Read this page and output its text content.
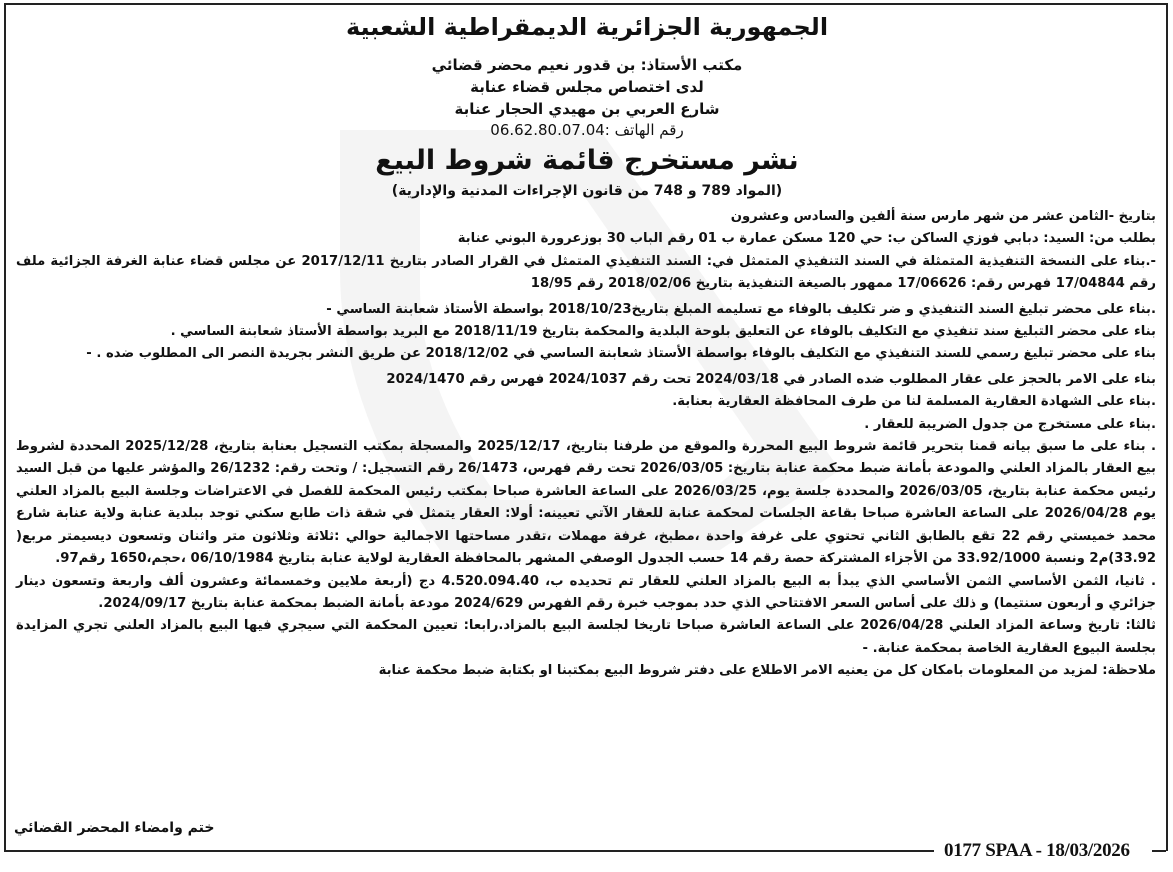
الجمهورية الجزائرية الديمقراطية الشعبية
مكتب الأستاذ: بن قدور نعيم محضر قضائي
لدى اختصاص مجلس قضاء عنابة
شارع العربي بن مهيدي الحجار عنابة
رقم الهاتف :06.62.80.07.04
نشر مستخرج قائمة شروط البيع
(المواد 789 و 748 من قانون الإجراءات المدنية والإدارية)

بتاريخ -الثامن عشر من شهر مارس سنة ألفين والسادس وعشرون

بطلب من: السيد: دبابي فوزي الساكن ب: حي 120 مسكن عمارة ب 01 رقم الباب 30 بوزعرورة البوني عنابة

-.بناء على النسخة التنفيذية المتمثلة في السند التنفيذي المتمثل في: السند التنفيذي المتمثل في القرار الصادر بتاريخ 2017/12/11 عن مجلس قضاء عنابة الغرفة الجزائية ملف رقم 17/04844 فهرس رقم: 17/06626 ممهور بالصيغة التنفيذية بتاريخ 2018/02/06 رقم 18/95

.بناء على محضر تبليغ السند التنفيذي و ضر تكليف بالوفاء مع تسليمه المبلغ بتاريخ2018/10/23 بواسطة الأستاذ شعابنة الساسي -

بناء على محضر التبليغ سند تنفيذي مع التكليف بالوفاء عن التعليق بلوحة البلدية والمحكمة بتاريخ 2018/11/19 مع البريد بواسطة الأستاذ شعابنة الساسي .

بناء على محضر تبليغ رسمي للسند التنفيذي مع التكليف بالوفاء بواسطة الأستاذ شعابنة الساسي في 2018/12/02 عن طريق النشر بجريدة النصر الى المطلوب ضده . -

بناء على الامر بالحجز على عقار المطلوب ضده الصادر في 2024/03/18 تحت رقم 2024/1037 فهرس رقم 2024/1470

.بناء على الشهادة العقارية المسلمة لنا من طرف المحافظة العقارية بعنابة.

.بناء على مستخرج من جدول الضريبة للعقار .

. بناء على ما سبق بيانه قمنا بتحرير قائمة شروط البيع المحررة والموقع من طرفنا بتاريخ، 2025/12/17 والمسجلة بمكتب التسجيل بعنابة بتاريخ، 2025/12/28 المحددة لشروط بيع العقار بالمزاد العلني والمودعة بأمانة ضبط محكمة عنابة بتاريخ: 2026/03/05 تحت رقم فهرس، 26/1473 رقم التسجيل: / وتحت رقم: 26/1232 والمؤشر عليها من قبل السيد رئيس محكمة عنابة بتاريخ، 2026/03/05 والمحددة جلسة يوم، 2026/03/25 على الساعة العاشرة صباحا بمكتب رئيس المحكمة للفصل في الاعتراضات وجلسة البيع بالمزاد العلني يوم 2026/04/28 على الساعة العاشرة صباحا بقاعة الجلسات لمحكمة عنابة للعقار الآتي تعيينه: أولا: العقار يتمثل في شقة ذات طابع سكني توجد ببلدية عنابة ولاية عنابة شارع محمد خميستي رقم 22 تقع بالطابق الثاني تحتوي على غرفة واحدة ،مطبخ، غرفة مهملات ،تقدر مساحتها الاجمالية حوالي :ثلاثة وثلاثون متر واثنان وتسعون ديسيمتر مربع( 33.92)م2 ونسبة 33.92/1000 من الأجزاء المشتركة حصة رقم 14 حسب الجدول الوصفي المشهر بالمحافظة العقارية لولاية عنابة بتاريخ 06/10/1984 ،حجم،1650 رقم97.

. ثانيا، الثمن الأساسي الثمن الأساسي الذي يبدأ به البيع بالمزاد العلني للعقار تم تحديده ب، 4.520.094.40 دج (أربعة ملايين وخمسمائة وعشرون ألف واربعة وتسعون دينار جزائري و أربعون سنتيما) و ذلك على أساس السعر الافتتاحي الذي حدد بموجب خبرة رقم الفهرس 2024/629 مودعة بأمانة الضبط بمحكمة عنابة بتاريخ 2024/09/17.

ثالثا: تاريخ وساعة المزاد العلني 2026/04/28 على الساعة العاشرة صباحا تاريخا لجلسة البيع بالمزاد.رابعا: تعيين المحكمة التي سيجري فيها البيع بالمزاد العلني تجري المزايدة بجلسة البيوع العقارية الخاصة بمحكمة عنابة. -

ملاحظة: لمزيد من المعلومات بامكان كل من يعنيه الامر الاطلاع على دفتر شروط البيع بمكتبنا او بكتابة ضبط محكمة عنابة

ختم وامضاء المحضر القضائي
0177 SPAA - 18/03/2026
